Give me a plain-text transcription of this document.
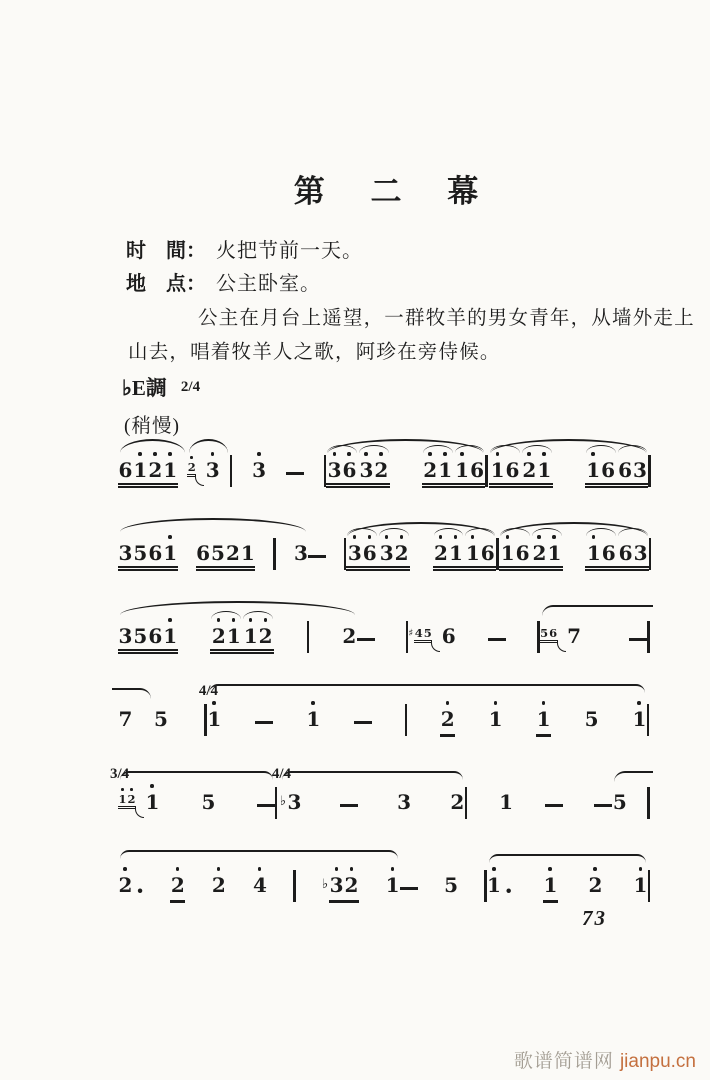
第 二 幕
时　間： 火把节前一天。
地　点： 公主卧室。
公主在月台上遥望，一群牧羊的男女青年，从墙外走上
山去，唱着牧羊人之歌，阿珍在旁侍候。
♭E調 2/4
(稍慢)
6 1 2 1 2 3 3	3 6 3 2 2 1 1 6 1 6 2 1 1 6 6 3
3 5 6 1 6 5 2 1 3 3 6 3 2 2 1 1 6 1 6 2 1 1 6 6 3
3 5 6 1 2 1 1 2	2	♯ 4 5 6	5 6 7
7 5
4/4
1	1	2 1 1 5 1
3/4
1 2 1 5
4/4
♭ 3	3 2 1	5
2 · 2 2 4	♭ 3 2 1 5 1 · 1 2 1
73
歌谱简谱网 jianpu.cn
